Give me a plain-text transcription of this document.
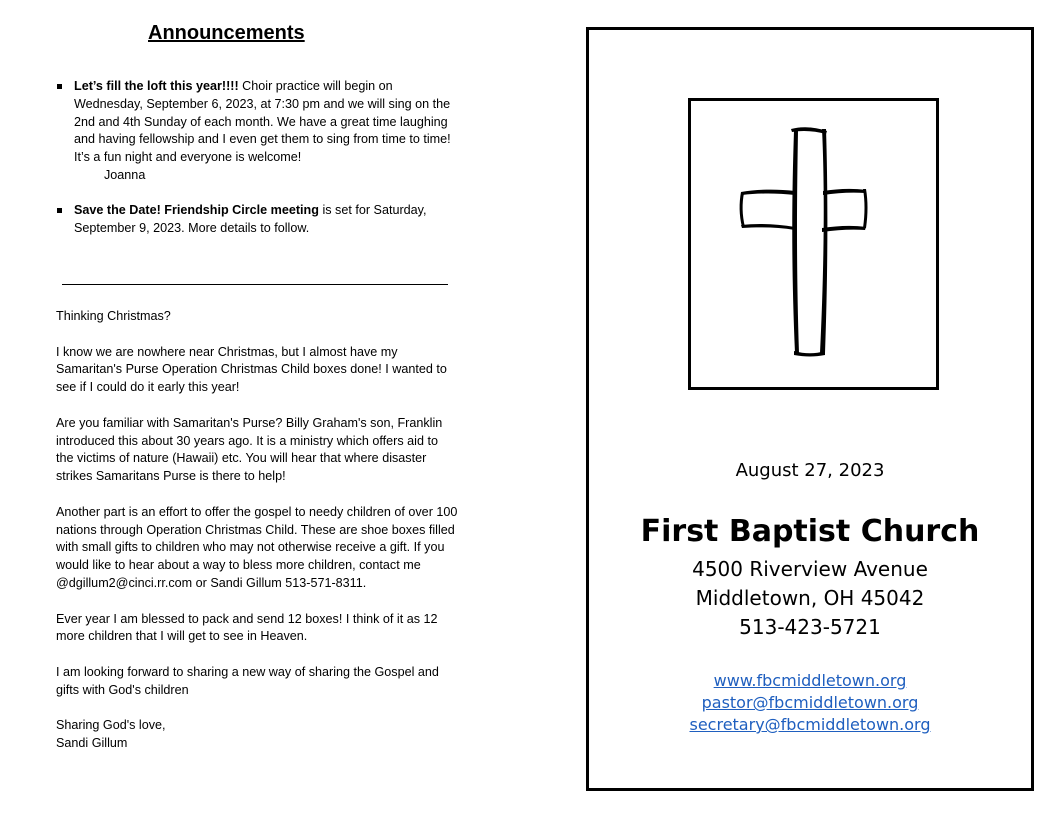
Announcements
Let’s fill the loft this year!!!! Choir practice will begin on Wednesday, September 6, 2023, at 7:30 pm and we will sing on the 2nd and 4th Sunday of each month. We have a great time laughing and having fellowship and I even get them to sing from time to time! It’s a fun night and everyone is welcome!
Joanna
Save the Date! Friendship Circle meeting is set for Saturday, September 9, 2023. More details to follow.

Thinking Christmas?

I know we are nowhere near Christmas, but I almost have my Samaritan's Purse Operation Christmas Child boxes done! I wanted to see if I could do it early this year!

Are you familiar with Samaritan's Purse? Billy Graham's son, Franklin introduced this about 30 years ago. It is a ministry which offers aid to the victims of nature (Hawaii) etc. You will hear that where disaster strikes Samaritans Purse is there to help!

Another part is an effort to offer the gospel to needy children of over 100 nations through Operation Christmas Child. These are shoe boxes filled with small gifts to children who may not otherwise receive a gift. If you would like to hear about a way to bless more children, contact me @dgillum2@cinci.rr.com or Sandi Gillum 513-571-8311.

Ever year I am blessed to pack and send 12 boxes! I think of it as 12 more children that I will get to see in Heaven.

I am looking forward to sharing a new way of sharing the Gospel and gifts with God's children

Sharing God's love,
Sandi Gillum

August 27, 2023
First Baptist Church
4500 Riverview Avenue
Middletown, OH 45042
513-423-5721
www.fbcmiddletown.org
pastor@fbcmiddletown.org
secretary@fbcmiddletown.org
